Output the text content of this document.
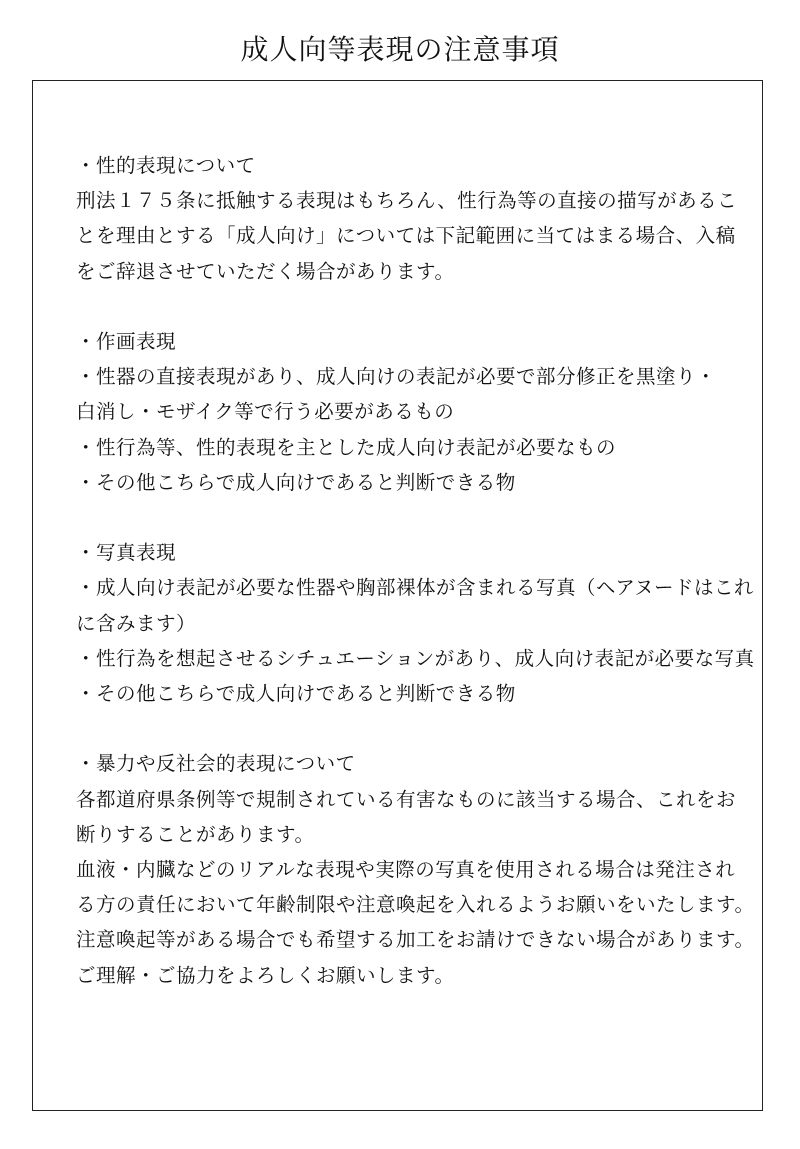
成人向等表現の注意事項
・性的表現について
刑法１７５条に抵触する表現はもちろん、性行為等の直接の描写があるこ
とを理由とする「成人向け」については下記範囲に当てはまる場合、入稿
をご辞退させていただく場合があります。
・作画表現
・性器の直接表現があり、成人向けの表記が必要で部分修正を黒塗り・
白消し・モザイク等で行う必要があるもの
・性行為等、性的表現を主とした成人向け表記が必要なもの
・その他こちらで成人向けであると判断できる物
・写真表現
・成人向け表記が必要な性器や胸部裸体が含まれる写真（ヘアヌードはこれ
に含みます）
・性行為を想起させるシチュエーションがあり、成人向け表記が必要な写真
・その他こちらで成人向けであると判断できる物
・暴力や反社会的表現について
各都道府県条例等で規制されている有害なものに該当する場合、これをお
断りすることがあります。
血液・内臓などのリアルな表現や実際の写真を使用される場合は発注され
る方の責任において年齢制限や注意喚起を入れるようお願いをいたします。
注意喚起等がある場合でも希望する加工をお請けできない場合があります。
ご理解・ご協力をよろしくお願いします。
